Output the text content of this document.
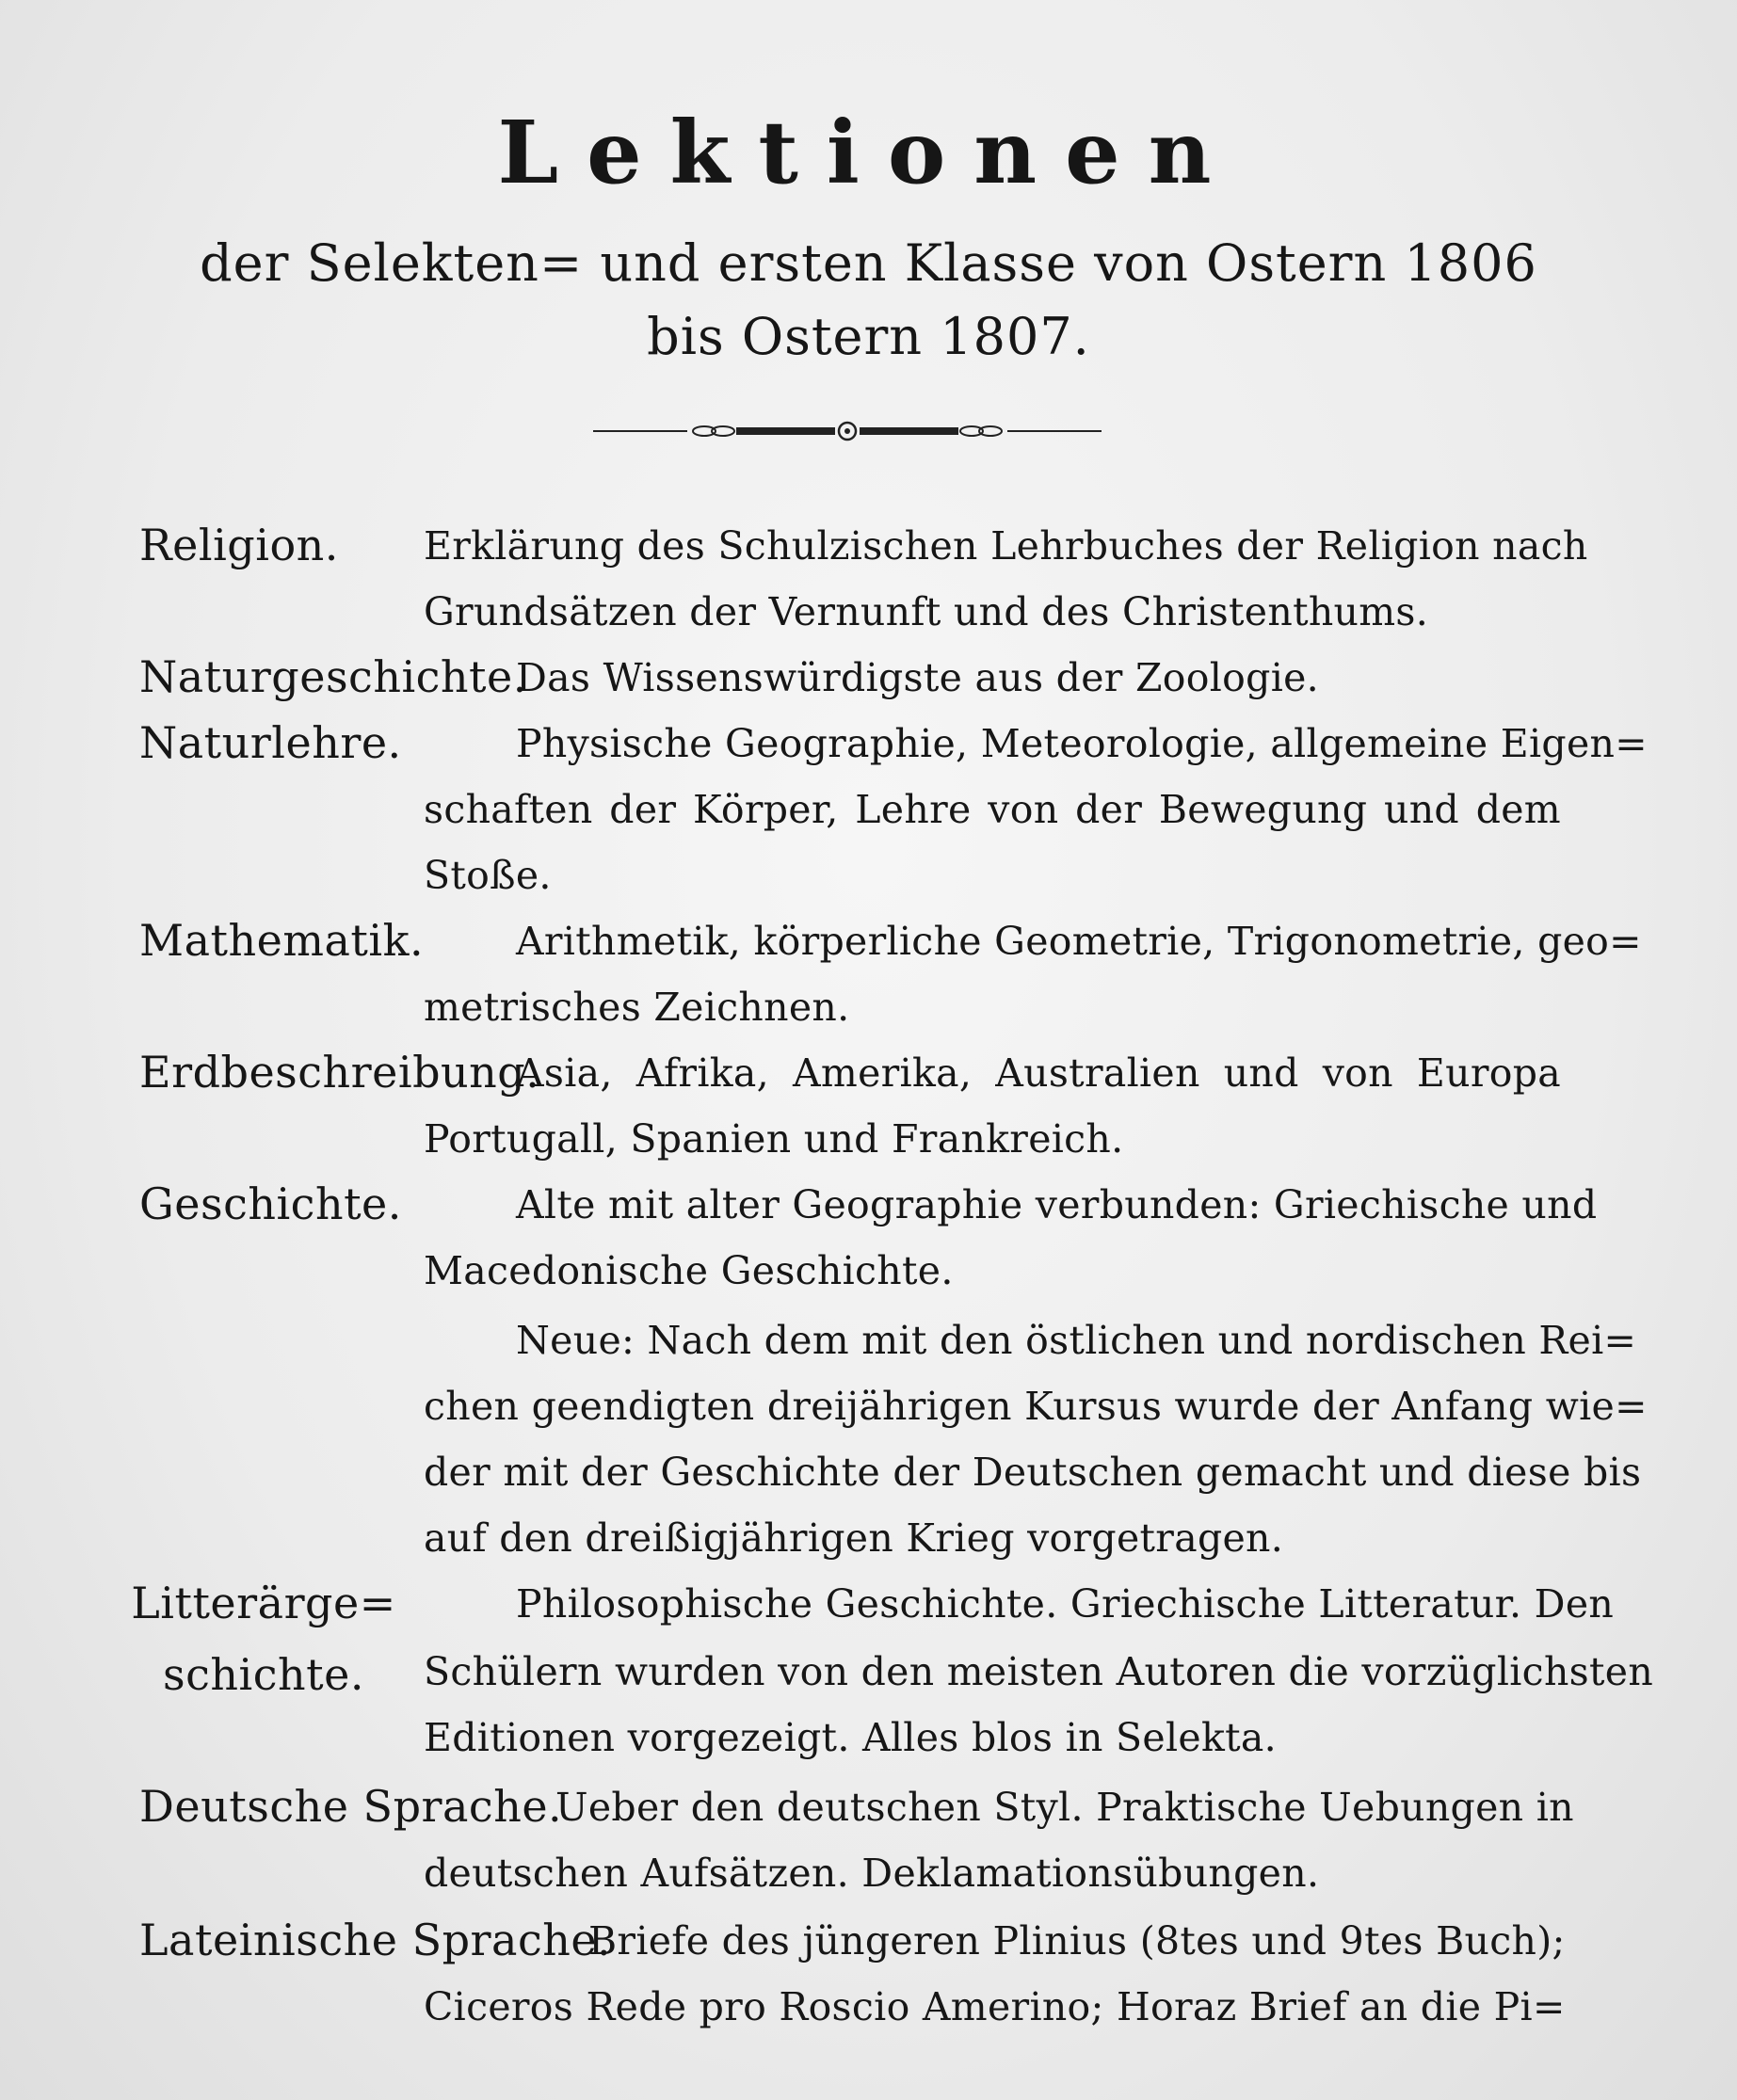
Lektionen
der Selekten= und ersten Klasse von Ostern 1806
bis Ostern 1807.
Religion. Erklärung des Schulzischen Lehrbuches der Religion nach
Grundsätzen der Vernunft und des Christenthums.
Naturgeschichte.
Das Wissenswürdigste aus der Zoologie.
Naturlehre.	Physische Geographie, Meteorologie, allgemeine Eigen=
schaften der Körper, Lehre von der Bewegung und dem
Stoße.
Mathematik. Arithmetik, körperliche Geometrie, Trigonometrie, geo=
metrisches Zeichnen.
Erdbeschreibung.
Asia, Afrika, Amerika, Australien und von Europa
Portugall, Spanien und Frankreich.
Geschichte.	Alte mit alter Geographie verbunden: Griechische und
Macedonische Geschichte.
Neue: Nach dem mit den östlichen und nordischen Rei=
chen geendigten dreijährigen Kursus wurde der Anfang wie=
der mit der Geschichte der Deutschen gemacht und diese bis
auf den dreißigjährigen Krieg vorgetragen.
Litterärge=
schichte.
Philosophische Geschichte. Griechische Litteratur. Den
Schülern wurden von den meisten Autoren die vorzüglichsten
Editionen vorgezeigt. Alles blos in Selekta.
Deutsche Sprache.
Ueber den deutschen Styl. Praktische Uebungen in
deutschen Aufsätzen. Deklamationsübungen.
Lateinische Sprache.
Briefe des jüngeren Plinius (8tes und 9tes Buch);
Ciceros Rede pro Roscio Amerino; Horaz Brief an die Pi=
